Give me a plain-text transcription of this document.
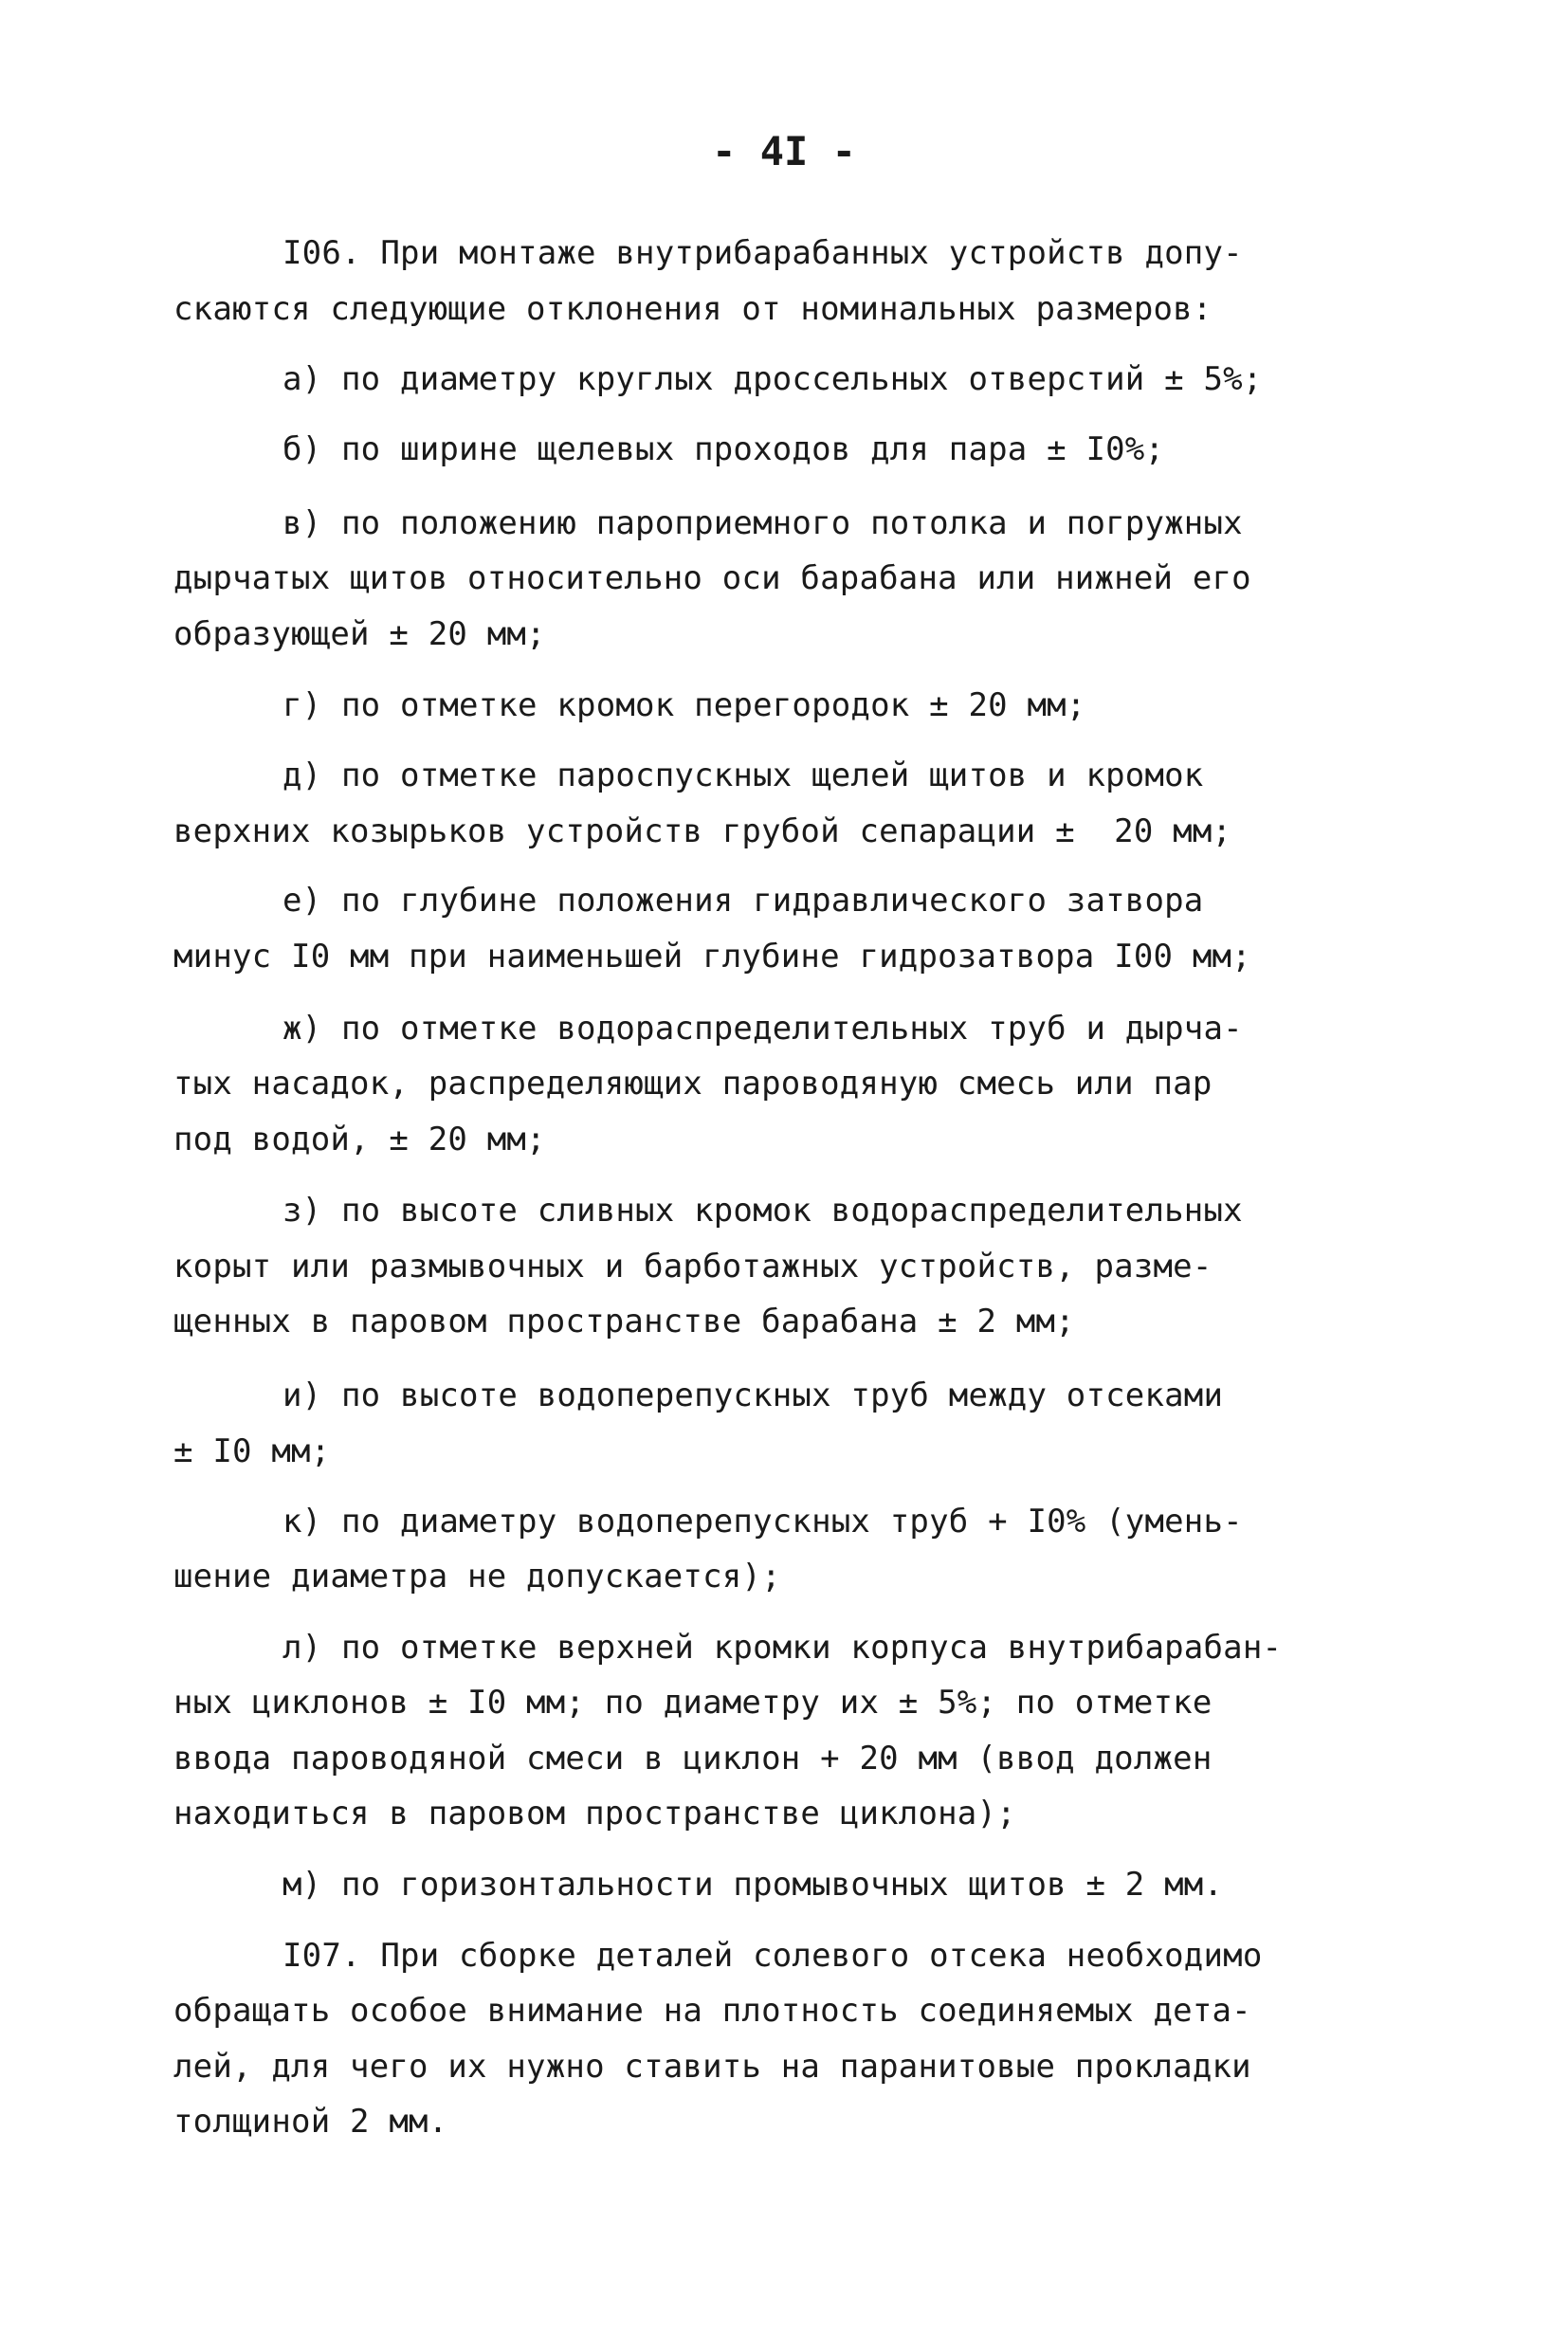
- 4I -
I06. При монтаже внутрибарабанных устройств допу-
скаются следующие отклонения от номинальных размеров:
а) по диаметру круглых дроссельных отверстий ± 5%;
б) по ширине щелевых проходов для пара ± I0%;
в) по положению пароприемного потолка и погружных
дырчатых щитов относительно оси барабана или нижней его
образующей ± 20 мм;
г) по отметке кромок перегородок ± 20 мм;
д) по отметке пароспускных щелей щитов и кромок
верхних козырьков устройств грубой сепарации ±  20 мм;
е) по глубине положения гидравлического затвора
минус I0 мм при наименьшей глубине гидрозатвора I00 мм;
ж) по отметке водораспределительных труб и дырча-
тых насадок, распределяющих пароводяную смесь или пар
под водой, ± 20 мм;
з) по высоте сливных кромок водораспределительных
корыт или размывочных и барботажных устройств, разме-
щенных в паровом пространстве барабана ± 2 мм;
и) по высоте водоперепускных труб между отсеками
± I0 мм;
к) по диаметру водоперепускных труб + I0% (умень-
шение диаметра не допускается);
л) по отметке верхней кромки корпуса внутрибарабан-
ных циклонов ± I0 мм; по диаметру их ± 5%; по отметке
ввода пароводяной смеси в циклон + 20 мм (ввод должен
находиться в паровом пространстве циклона);
м) по горизонтальности промывочных щитов ± 2 мм.
I07. При сборке деталей солевого отсека необходимо
обращать особое внимание на плотность соединяемых дета-
лей, для чего их нужно ставить на паранитовые прокладки
толщиной 2 мм.
